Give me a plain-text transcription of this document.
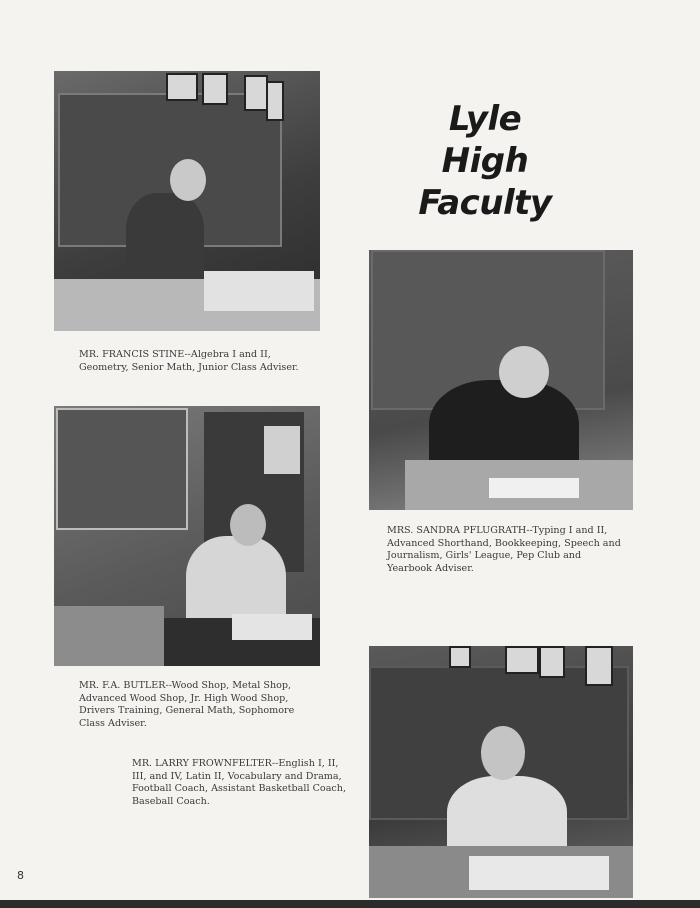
Lyle High
Faculty
MR. FRANCIS STINE--Algebra I and II, Geometry, Senior Math, Junior Class Adviser.
MRS. SANDRA PFLUGRATH--Typing I and II, Advanced Shorthand, Bookkeeping, Speech and Journalism, Girls' League, Pep Club and Yearbook Adviser.
MR. F.A. BUTLER--Wood Shop, Metal Shop, Advanced Wood Shop, Jr. High Wood Shop, Drivers Training, General Math, Sophomore Class Adviser.
MR. LARRY FROWNFELTER--English I, II, III, and IV, Latin II, Vocabulary and Drama, Football Coach, Assistant Basketball Coach, Baseball Coach.
8
